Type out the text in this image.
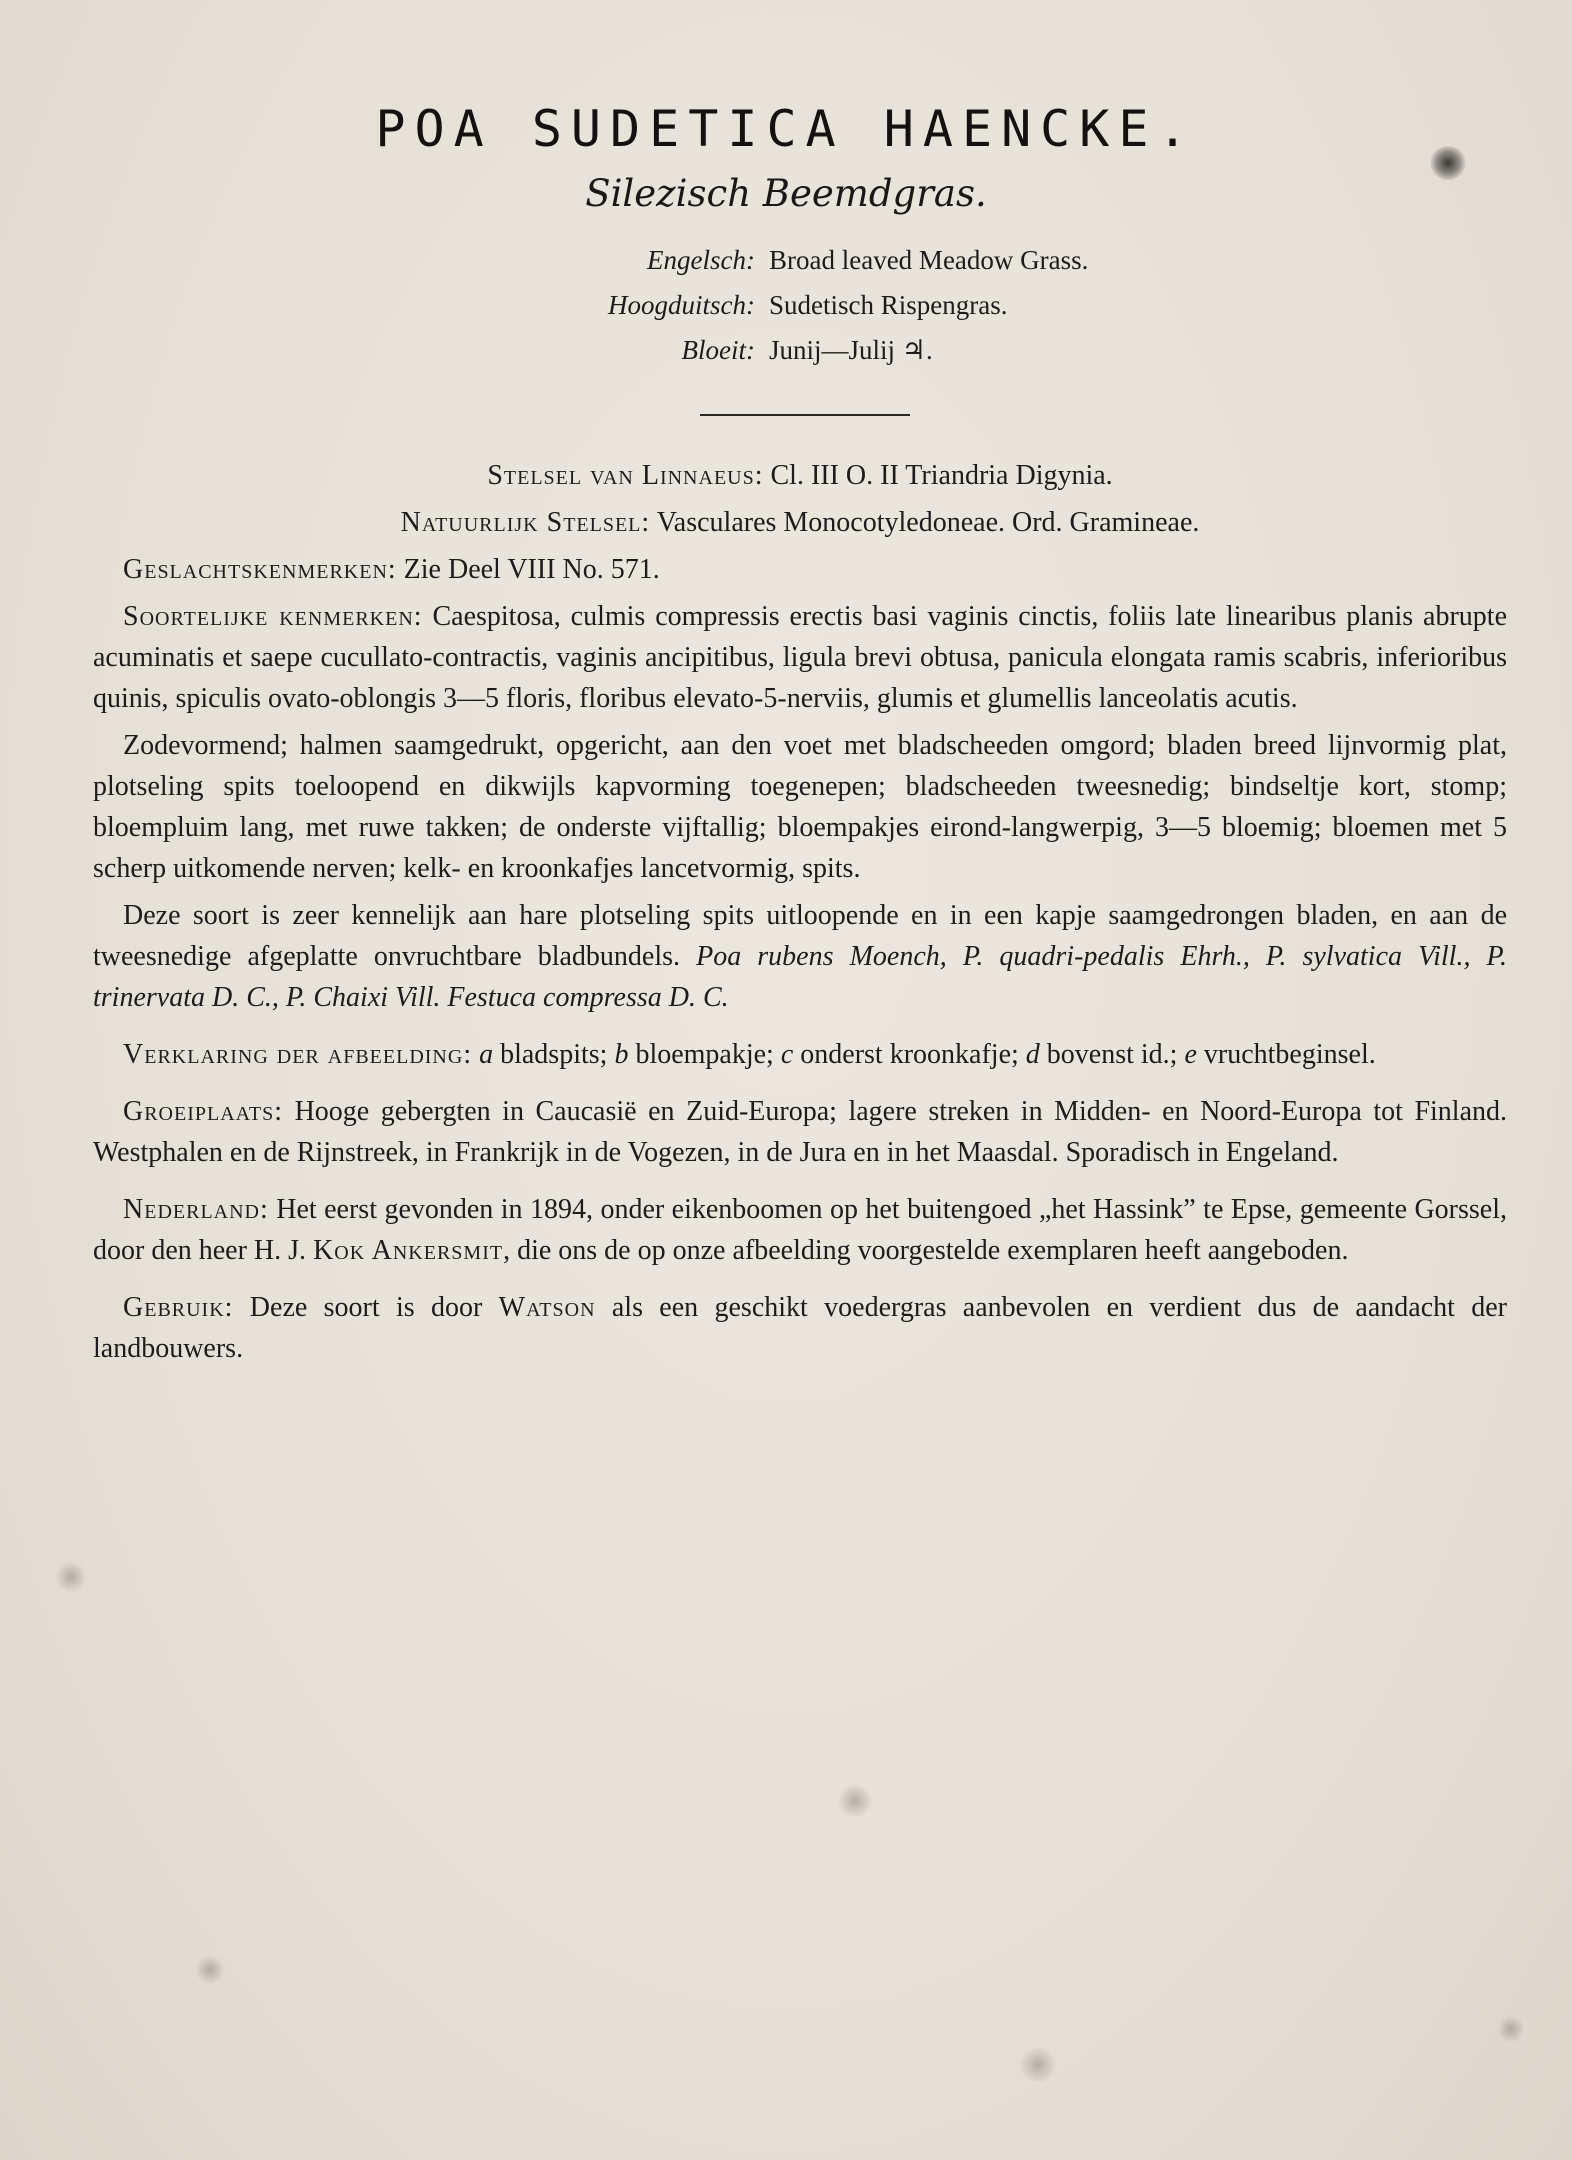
POA SUDETICA HAENCKE.
Silezisch Beemdgras.
Engelsch: Broad leaved Meadow Grass.
Hoogduitsch: Sudetisch Rispengras.
Bloeit: Junij—Julij ♃.
Stelsel van Linnaeus: Cl. III O. II Triandria Digynia.
Natuurlijk Stelsel: Vasculares Monocotyledoneae. Ord. Gramineae.
Geslachtskenmerken: Zie Deel VIII No. 571.
Soortelijke kenmerken: Caespitosa, culmis compressis erectis basi vaginis cinctis, foliis late linearibus planis abrupte acuminatis et saepe cucullato-contractis, vaginis ancipitibus, ligula brevi obtusa, panicula elongata ramis scabris, inferioribus quinis, spiculis ovato-oblongis 3—5 floris, floribus elevato-5-nerviis, glumis et glumellis lanceolatis acutis.
Zodevormend; halmen saamgedrukt, opgericht, aan den voet met bladscheeden omgord; bladen breed lijnvormig plat, plotseling spits toeloopend en dikwijls kapvorming toegenepen; bladscheeden tweesnedig; bindseltje kort, stomp; bloempluim lang, met ruwe takken; de onderste vijftallig; bloempakjes eirond-langwerpig, 3—5 bloemig; bloemen met 5 scherp uitkomende nerven; kelk- en kroonkafjes lancetvormig, spits.
Deze soort is zeer kennelijk aan hare plotseling spits uitloopende en in een kapje saamgedrongen bladen, en aan de tweesnedige afgeplatte onvruchtbare bladbundels. Poa rubens Moench, P. quadri-pedalis Ehrh., P. sylvatica Vill., P. trinervata D. C., P. Chaixi Vill. Festuca compressa D. C.
Verklaring der afbeelding: a bladspits; b bloempakje; c onderst kroonkafje; d bovenst id.; e vruchtbeginsel.
Groeiplaats: Hooge gebergten in Caucasië en Zuid-Europa; lagere streken in Midden- en Noord-Europa tot Finland. Westphalen en de Rijnstreek, in Frankrijk in de Vogezen, in de Jura en in het Maasdal. Sporadisch in Engeland.
Nederland: Het eerst gevonden in 1894, onder eikenboomen op het buitengoed „het Hassink” te Epse, gemeente Gorssel, door den heer H. J. Kok Ankersmit, die ons de op onze afbeelding voorgestelde exemplaren heeft aangeboden.
Gebruik: Deze soort is door Watson als een geschikt voedergras aanbevolen en verdient dus de aandacht der landbouwers.
